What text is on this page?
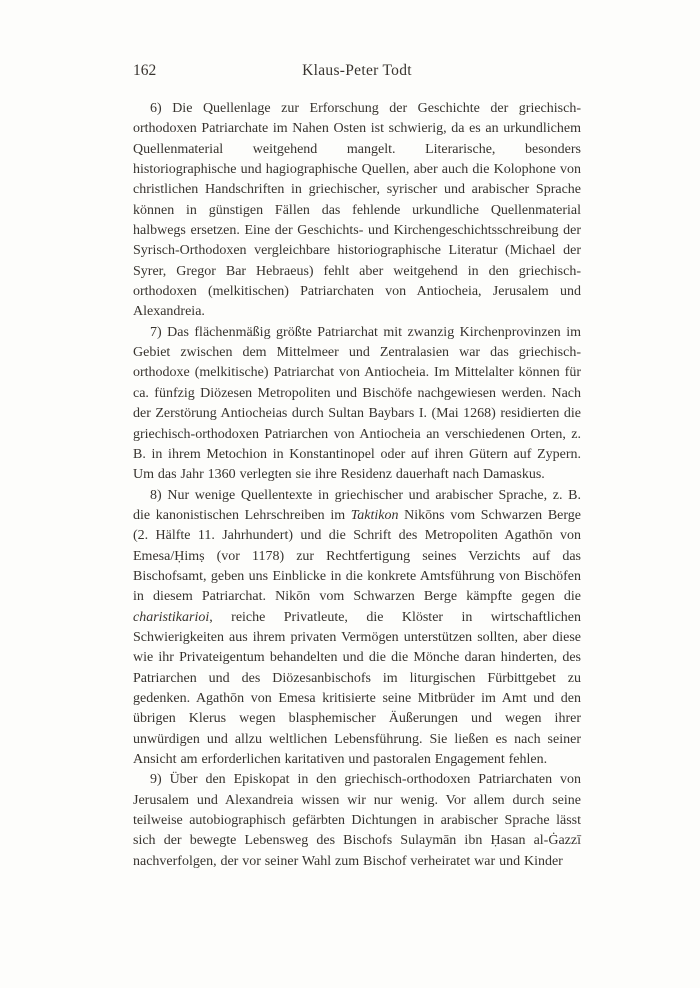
162	Klaus-Peter Todt

6) Die Quellenlage zur Erforschung der Geschichte der griechisch-orthodoxen Patriarchate im Nahen Osten ist schwierig, da es an urkundlichem Quellenmaterial weitgehend mangelt. Literarische, besonders historiographische und hagiographische Quellen, aber auch die Kolophone von christlichen Handschriften in griechischer, syrischer und arabischer Sprache können in günstigen Fällen das fehlende urkundliche Quellenmaterial halbwegs ersetzen. Eine der Geschichts- und Kirchengeschichtsschreibung der Syrisch-Orthodoxen vergleichbare historiographische Literatur (Michael der Syrer, Gregor Bar Hebraeus) fehlt aber weitgehend in den griechisch-orthodoxen (melkitischen) Patriarchaten von Antiocheia, Jerusalem und Alexandreia.

7) Das flächenmäßig größte Patriarchat mit zwanzig Kirchenprovinzen im Gebiet zwischen dem Mittelmeer und Zentralasien war das griechisch-orthodoxe (melkitische) Patriarchat von Antiocheia. Im Mittelalter können für ca. fünfzig Diözesen Metropoliten und Bischöfe nachgewiesen werden. Nach der Zerstörung Antiocheias durch Sultan Baybars I. (Mai 1268) residierten die griechisch-orthodoxen Patriarchen von Antiocheia an verschiedenen Orten, z. B. in ihrem Metochion in Konstantinopel oder auf ihren Gütern auf Zypern. Um das Jahr 1360 verlegten sie ihre Residenz dauerhaft nach Damaskus.

8) Nur wenige Quellentexte in griechischer und arabischer Sprache, z. B. die kanonistischen Lehrschreiben im Taktikon Nikōns vom Schwarzen Berge (2. Hälfte 11. Jahrhundert) und die Schrift des Metropoliten Agathōn von Emesa/Ḥimṣ (vor 1178) zur Rechtfertigung seines Verzichts auf das Bischofsamt, geben uns Einblicke in die konkrete Amtsführung von Bischöfen in diesem Patriarchat. Nikōn vom Schwarzen Berge kämpfte gegen die charistikarioi, reiche Privatleute, die Klöster in wirtschaftlichen Schwierigkeiten aus ihrem privaten Vermögen unterstützen sollten, aber diese wie ihr Privateigentum behandelten und die die Mönche daran hinderten, des Patriarchen und des Diözesanbischofs im liturgischen Fürbittgebet zu gedenken. Agathōn von Emesa kritisierte seine Mitbrüder im Amt und den übrigen Klerus wegen blasphemischer Äußerungen und wegen ihrer unwürdigen und allzu weltlichen Lebensführung. Sie ließen es nach seiner Ansicht am erforderlichen karitativen und pastoralen Engagement fehlen.

9) Über den Episkopat in den griechisch-orthodoxen Patriarchaten von Jerusalem und Alexandreia wissen wir nur wenig. Vor allem durch seine teilweise autobiographisch gefärbten Dichtungen in arabischer Sprache lässt sich der bewegte Lebensweg des Bischofs Sulaymān ibn Ḥasan al-Ġazzī nachverfolgen, der vor seiner Wahl zum Bischof verheiratet war und Kinder
